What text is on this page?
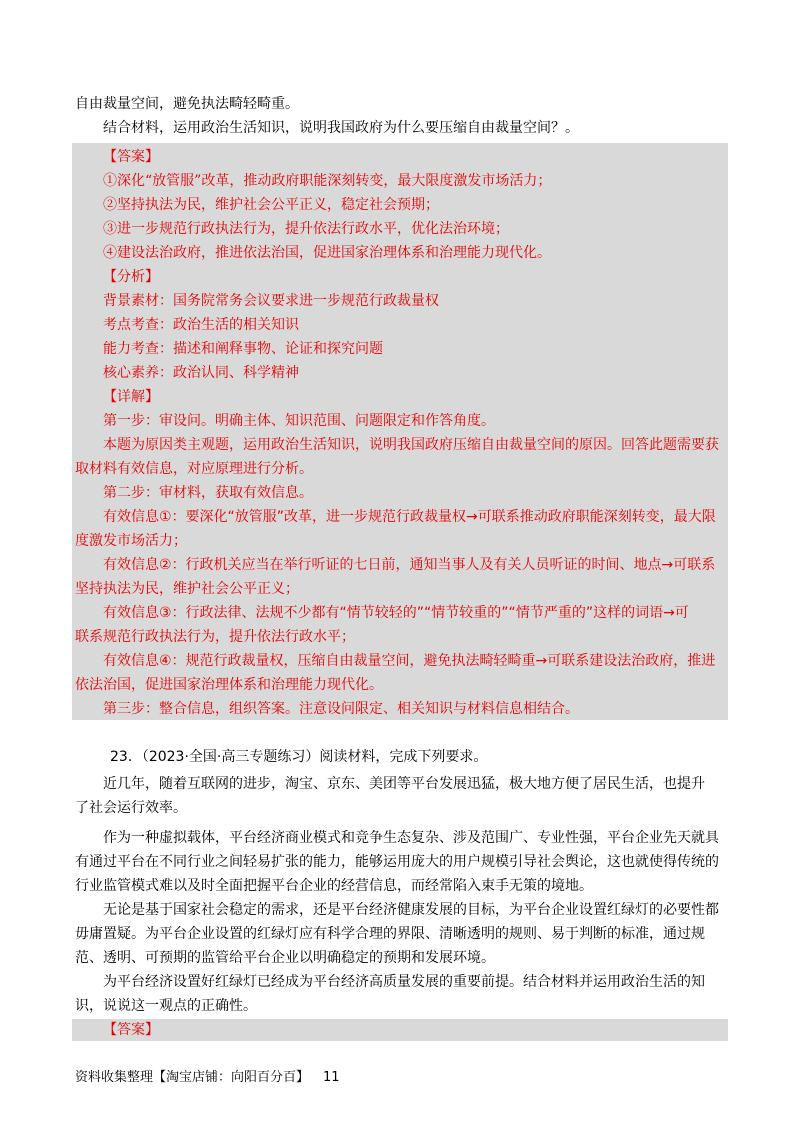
自由裁量空间，避免执法畸轻畸重。
结合材料，运用政治生活知识，说明我国政府为什么要压缩自由裁量空间？。
【答案】
①深化“放管服”改革，推动政府职能深刻转变，最大限度激发市场活力；
②坚持执法为民，维护社会公平正义，稳定社会预期；
③进一步规范行政执法行为，提升依法行政水平，优化法治环境；
④建设法治政府，推进依法治国，促进国家治理体系和治理能力现代化。
【分析】
背景素材：国务院常务会议要求进一步规范行政裁量权
考点考查：政治生活的相关知识
能力考查：描述和阐释事物、论证和探究问题
核心素养：政治认同、科学精神
【详解】
第一步：审设问。明确主体、知识范围、问题限定和作答角度。
本题为原因类主观题，运用政治生活知识，说明我国政府压缩自由裁量空间的原因。回答此题需要获
取材料有效信息，对应原理进行分析。
第二步：审材料，获取有效信息。
有效信息①：要深化“放管服”改革，进一步规范行政裁量权→可联系推动政府职能深刻转变，最大限
度激发市场活力；
有效信息②：行政机关应当在举行听证的七日前，通知当事人及有关人员听证的时间、地点→可联系
坚持执法为民，维护社会公平正义；
有效信息③：行政法律、法规不少都有“情节较轻的”“情节较重的”“情节严重的”这样的词语→可
联系规范行政执法行为，提升依法行政水平；
有效信息④：规范行政裁量权，压缩自由裁量空间，避免执法畸轻畸重→可联系建设法治政府，推进
依法治国，促进国家治理体系和治理能力现代化。
第三步：整合信息，组织答案。注意设问限定、相关知识与材料信息相结合。
23．（2023·全国·高三专题练习）阅读材料，完成下列要求。
近几年，随着互联网的进步，淘宝、京东、美团等平台发展迅猛，极大地方便了居民生活，也提升
了社会运行效率。
作为一种虚拟载体，平台经济商业模式和竞争生态复杂、涉及范围广、专业性强，平台企业先天就具
有通过平台在不同行业之间轻易扩张的能力，能够运用庞大的用户规模引导社会舆论，这也就使得传统的
行业监管模式难以及时全面把握平台企业的经营信息，而经常陷入束手无策的境地。
无论是基于国家社会稳定的需求，还是平台经济健康发展的目标，为平台企业设置红绿灯的必要性都
毋庸置疑。为平台企业设置的红绿灯应有科学合理的界限、清晰透明的规则、易于判断的标准，通过规
范、透明、可预期的监管给平台企业以明确稳定的预期和发展环境。
为平台经济设置好红绿灯已经成为平台经济高质量发展的重要前提。结合材料并运用政治生活的知
识，说说这一观点的正确性。
【答案】
资料收集整理【淘宝店铺：向阳百分百】 11
